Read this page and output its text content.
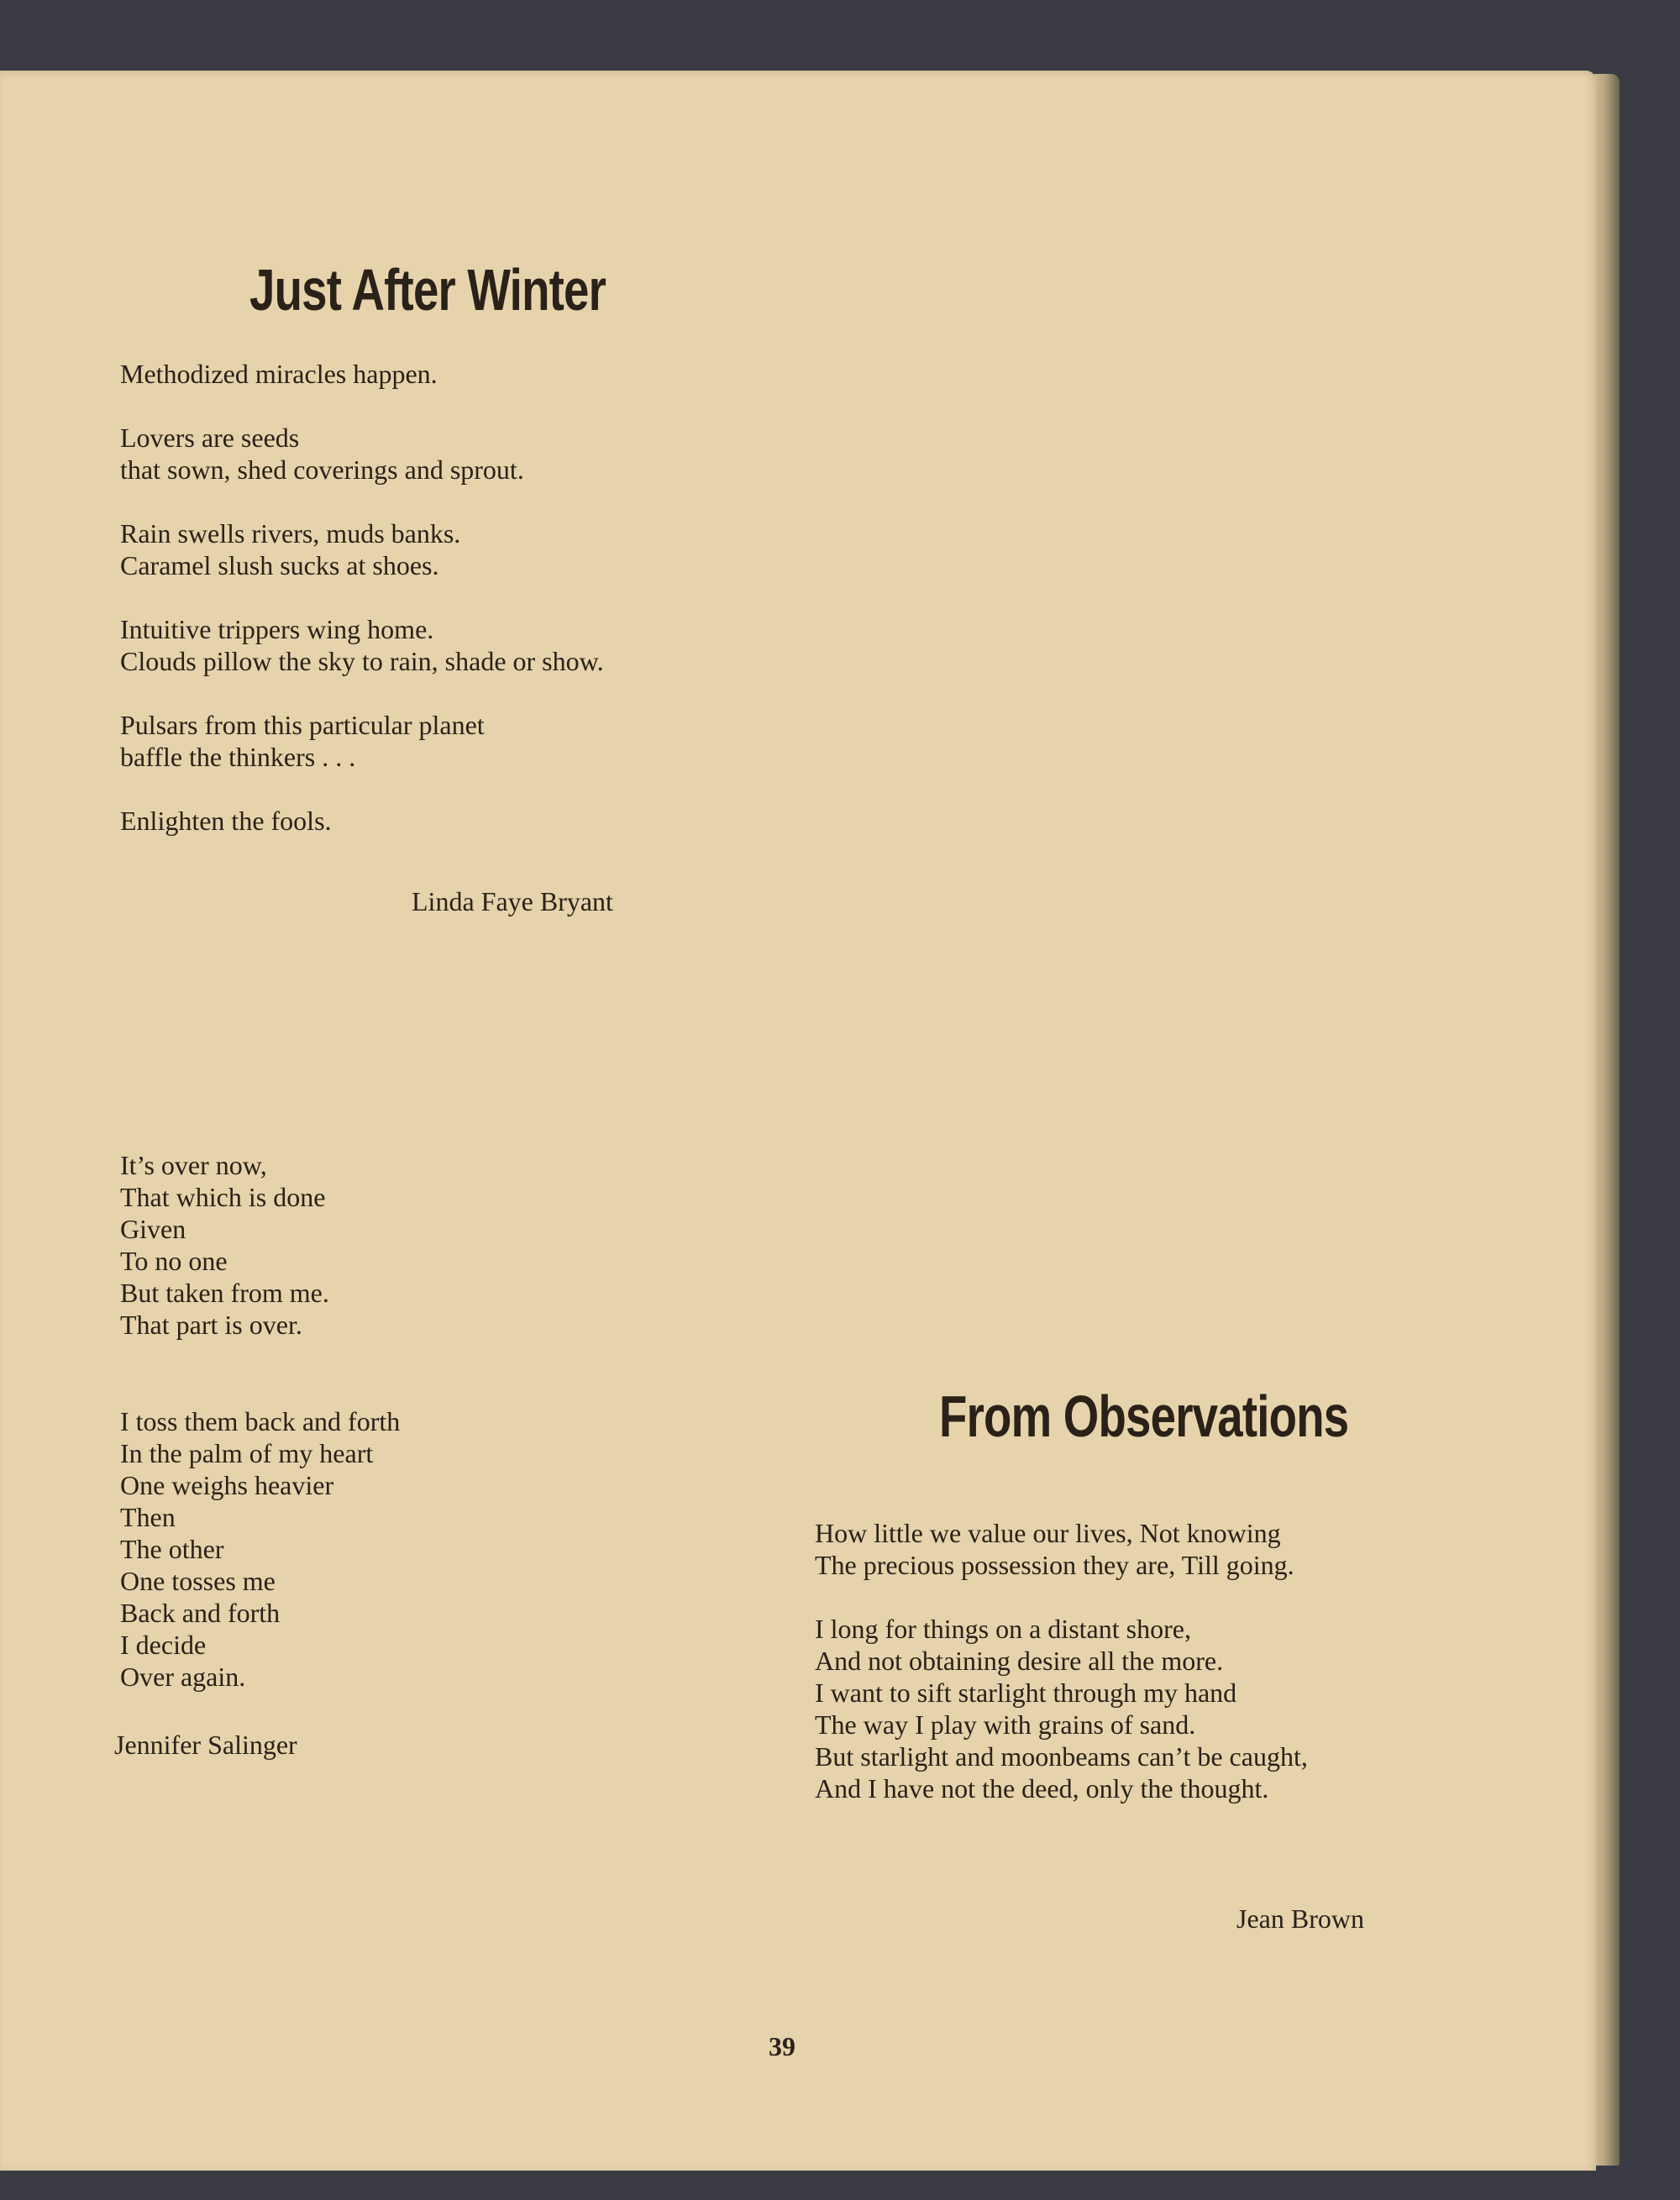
Just After Winter
Methodized miracles happen.
Lovers are seeds
that sown, shed coverings and sprout.
Rain swells rivers, muds banks.
Caramel slush sucks at shoes.
Intuitive trippers wing home.
Clouds pillow the sky to rain, shade or show.
Pulsars from this particular planet
baffle the thinkers . . .
Enlighten the fools.
Linda Faye Bryant
It’s over now,
That which is done
Given
To no one
But taken from me.
That part is over.
I toss them back and forth
In the palm of my heart
One weighs heavier
Then
The other
One tosses me
Back and forth
I decide
Over again.
Jennifer Salinger
From Observations
How little we value our lives, Not knowing
The precious possession they are, Till going.
I long for things on a distant shore,
And not obtaining desire all the more.
I want to sift starlight through my hand
The way I play with grains of sand.
But starlight and moonbeams can’t be caught,
And I have not the deed, only the thought.
Jean Brown
39
